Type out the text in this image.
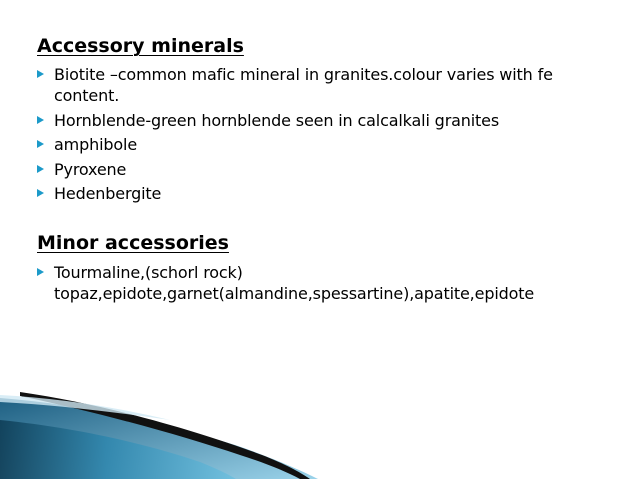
Accessory minerals
Biotite –common mafic mineral in granites.colour varies with fe content.
Hornblende-green hornblende seen in calcalkali granites
amphibole
Pyroxene
Hedenbergite
Minor accessories
Tourmaline,(schorl rock) topaz,epidote,garnet(almandine,spessartine),apatite,epidote
